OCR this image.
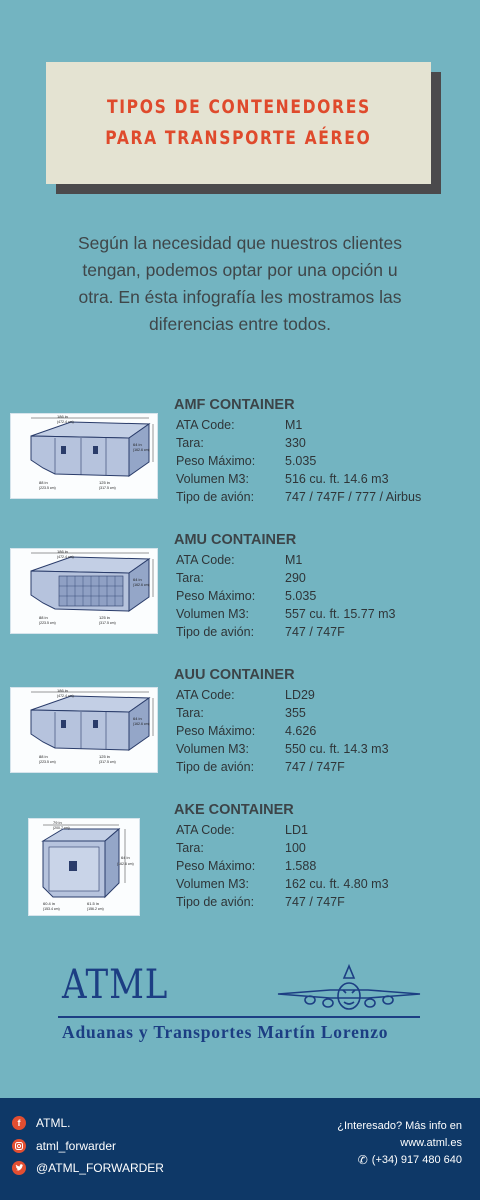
TIPOS DE CONTENEDORES
PARA TRANSPORTE AÉREO
Según la necesidad que nuestros clientes
tengan, podemos optar por una opción u
otra. En ésta infografía les mostramos las
diferencias entre todos.
186 in
(472.4 cm)
64 in
(162.6 cm)
88 in
(223.5 cm)
125 in
(317.5 cm)
AMF CONTAINER
ATA Code:	M1
Tara:	330
Peso Máximo: 5.035
Volumen M3:	516 cu. ft. 14.6 m3
Tipo de avión: 747 / 747F / 777 / Airbus
186 in
(472.4 cm)
64 in
(162.6 cm)
88 in
(223.5 cm)
125 in
(317.5 cm)
AMU CONTAINER
ATA Code:	M1
Tara:	290
Peso Máximo: 5.035
Volumen M3:	557 cu. ft. 15.77 m3
Tipo de avión: 747 / 747F
186 in
(472.4 cm)
64 in
(162.6 cm)
88 in
(223.5 cm)
125 in
(317.5 cm)
AUU CONTAINER
ATA Code:	LD29
Tara:	355
Peso Máximo: 4.626
Volumen M3:	550 cu. ft. 14.3 m3
Tipo de avión: 747 / 747F
79 in
(200.7 cm)
64 in
(162.6 cm)
60.4 in
(153.4 cm)
61.5 in
(156.2 cm)
AKE CONTAINER
ATA Code:	LD1
Tara:	100
Peso Máximo: 1.588
Volumen M3:	162 cu. ft. 4.80 m3
Tipo de avión: 747 / 747F
ATML
Aduanas y Transportes Martín Lorenzo
f	ATML.
atml_forwarder
@ATML_FORWARDER
¿Interesado? Más info en
www.atml.es
✆ (+34) 917 480 640
